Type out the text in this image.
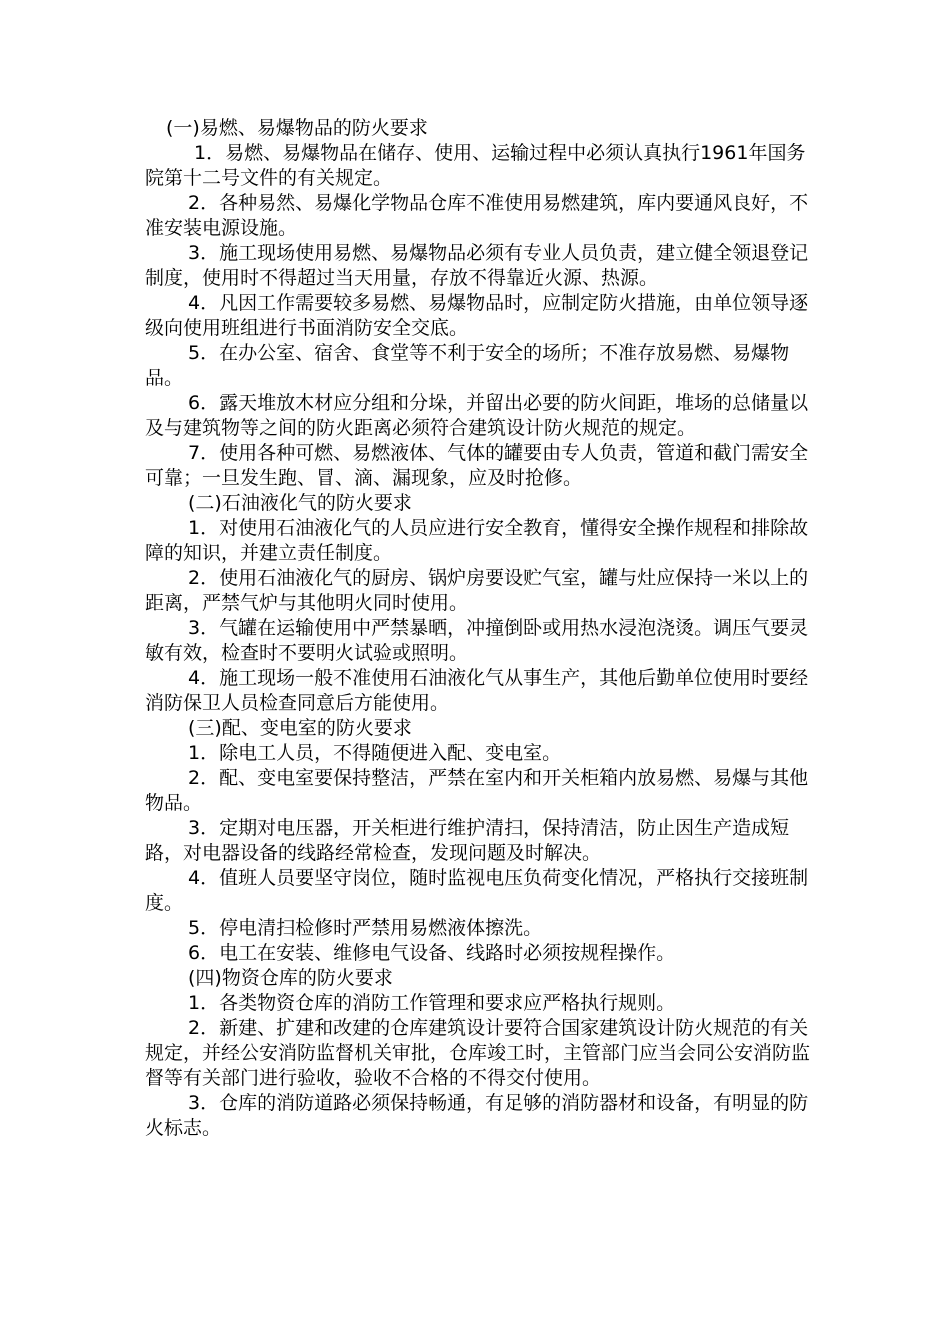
(一)易燃、易爆物品的防火要求

1．易燃、易爆物品在储存、使用、运输过程中必须认真执行1961年国务院第十二号文件的有关规定。

2．各种易然、易爆化学物品仓库不准使用易燃建筑，库内要通风良好，不准安装电源设施。

3．施工现场使用易燃、易爆物品必须有专业人员负责，建立健全领退登记制度，使用时不得超过当天用量，存放不得靠近火源、热源。

4．凡因工作需要较多易燃、易爆物品时，应制定防火措施，由单位领导逐级向使用班组进行书面消防安全交底。

5．在办公室、宿舍、食堂等不利于安全的场所；不准存放易燃、易爆物品。

6．露天堆放木材应分组和分垛，并留出必要的防火间距，堆场的总储量以及与建筑物等之间的防火距离必须符合建筑设计防火规范的规定。

7．使用各种可燃、易燃液体、气体的罐要由专人负责，管道和截门需安全可靠；一旦发生跑、冒、滴、漏现象，应及时抢修。

(二)石油液化气的防火要求

1．对使用石油液化气的人员应进行安全教育，懂得安全操作规程和排除故障的知识，并建立责任制度。

2．使用石油液化气的厨房、锅炉房要设贮气室，罐与灶应保持一米以上的距离，严禁气炉与其他明火同时使用。

3．气罐在运输使用中严禁暴晒，冲撞倒卧或用热水浸泡浇烫。调压气要灵敏有效，检查时不要明火试验或照明。

4．施工现场一般不准使用石油液化气从事生产，其他后勤单位使用时要经消防保卫人员检查同意后方能使用。

(三)配、变电室的防火要求

1．除电工人员，不得随便进入配、变电室。

2．配、变电室要保持整洁，严禁在室内和开关柜箱内放易燃、易爆与其他物品。

3．定期对电压器，开关柜进行维护清扫，保持清洁，防止因生产造成短路，对电器设备的线路经常检查，发现问题及时解决。

4．值班人员要坚守岗位，随时监视电压负荷变化情况，严格执行交接班制度。

5．停电清扫检修时严禁用易燃液体擦洗。

6．电工在安装、维修电气设备、线路时必须按规程操作。

(四)物资仓库的防火要求

1．各类物资仓库的消防工作管理和要求应严格执行规则。

2．新建、扩建和改建的仓库建筑设计要符合国家建筑设计防火规范的有关规定，并经公安消防监督机关审批，仓库竣工时，主管部门应当会同公安消防监督等有关部门进行验收，验收不合格的不得交付使用。

3．仓库的消防道路必须保持畅通，有足够的消防器材和设备，有明显的防火标志。
